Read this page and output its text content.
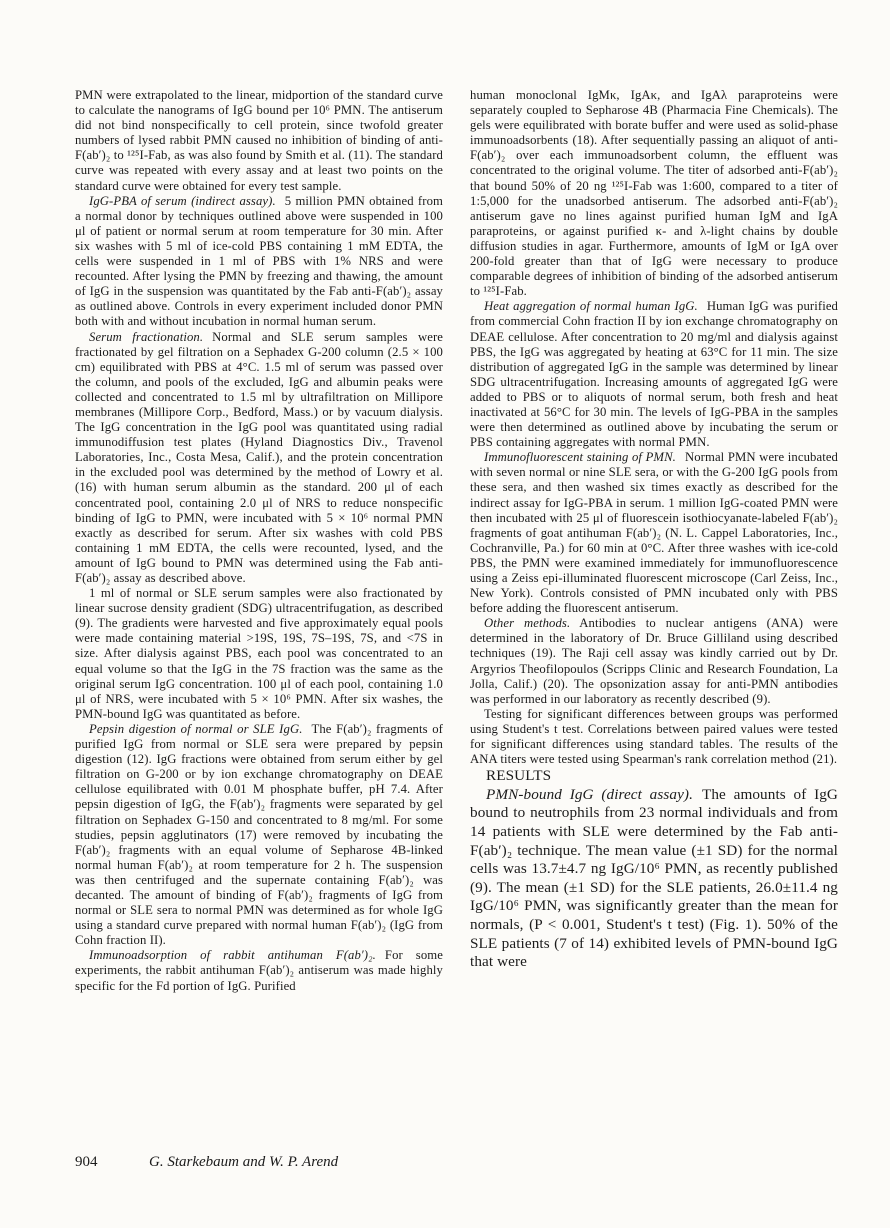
PMN were extrapolated to the linear, midportion of the standard curve to calculate the nanograms of IgG bound per 10⁶ PMN. The antiserum did not bind nonspecifically to cell protein, since twofold greater numbers of lysed rabbit PMN caused no inhibition of binding of anti-F(ab′)₂ to ¹²⁵I-Fab, as was also found by Smith et al. (11). The standard curve was repeated with every assay and at least two points on the standard curve were obtained for every test sample.

IgG-PBA of serum (indirect assay). 5 million PMN obtained from a normal donor by techniques outlined above were suspended in 100 μl of patient or normal serum at room temperature for 30 min. After six washes with 5 ml of ice-cold PBS containing 1 mM EDTA, the cells were suspended in 1 ml of PBS with 1% NRS and were recounted. After lysing the PMN by freezing and thawing, the amount of IgG in the suspension was quantitated by the Fab anti-F(ab′)₂ assay as outlined above. Controls in every experiment included donor PMN both with and without incubation in normal human serum.

Serum fractionation. Normal and SLE serum samples were fractionated by gel filtration on a Sephadex G-200 column (2.5 × 100 cm) equilibrated with PBS at 4°C. 1.5 ml of serum was passed over the column, and pools of the excluded, IgG and albumin peaks were collected and concentrated to 1.5 ml by ultrafiltration on Millipore membranes (Millipore Corp., Bedford, Mass.) or by vacuum dialysis. The IgG concentration in the IgG pool was quantitated using radial immunodiffusion test plates (Hyland Diagnostics Div., Travenol Laboratories, Inc., Costa Mesa, Calif.), and the protein concentration in the excluded pool was determined by the method of Lowry et al. (16) with human serum albumin as the standard. 200 μl of each concentrated pool, containing 2.0 μl of NRS to reduce nonspecific binding of IgG to PMN, were incubated with 5 × 10⁶ normal PMN exactly as described for serum. After six washes with cold PBS containing 1 mM EDTA, the cells were recounted, lysed, and the amount of IgG bound to PMN was determined using the Fab anti-F(ab′)₂ assay as described above.

1 ml of normal or SLE serum samples were also fractionated by linear sucrose density gradient (SDG) ultracentrifugation, as described (9). The gradients were harvested and five approximately equal pools were made containing material >19S, 19S, 7S–19S, 7S, and <7S in size. After dialysis against PBS, each pool was concentrated to an equal volume so that the IgG in the 7S fraction was the same as the original serum IgG concentration. 100 μl of each pool, containing 1.0 μl of NRS, were incubated with 5 × 10⁶ PMN. After six washes, the PMN-bound IgG was quantitated as before.

Pepsin digestion of normal or SLE IgG. The F(ab′)₂ fragments of purified IgG from normal or SLE sera were prepared by pepsin digestion (12). IgG fractions were obtained from serum either by gel filtration on G-200 or by ion exchange chromatography on DEAE cellulose equilibrated with 0.01 M phosphate buffer, pH 7.4. After pepsin digestion of IgG, the F(ab′)₂ fragments were separated by gel filtration on Sephadex G-150 and concentrated to 8 mg/ml. For some studies, pepsin agglutinators (17) were removed by incubating the F(ab′)₂ fragments with an equal volume of Sepharose 4B-linked normal human F(ab′)₂ at room temperature for 2 h. The suspension was then centrifuged and the supernate containing F(ab′)₂ was decanted. The amount of binding of F(ab′)₂ fragments of IgG from normal or SLE sera to normal PMN was determined as for whole IgG using a standard curve prepared with normal human F(ab′)₂ (IgG from Cohn fraction II).

Immunoadsorption of rabbit antihuman F(ab′)₂. For some experiments, the rabbit antihuman F(ab′)₂ antiserum was made highly specific for the Fd portion of IgG. Purified

human monoclonal IgMκ, IgAκ, and IgAλ paraproteins were separately coupled to Sepharose 4B (Pharmacia Fine Chemicals). The gels were equilibrated with borate buffer and were used as solid-phase immunoadsorbents (18). After sequentially passing an aliquot of anti-F(ab′)₂ over each immunoadsorbent column, the effluent was concentrated to the original volume. The titer of adsorbed anti-F(ab′)₂ that bound 50% of 20 ng ¹²⁵I-Fab was 1:600, compared to a titer of 1:5,000 for the unadsorbed antiserum. The adsorbed anti-F(ab′)₂ antiserum gave no lines against purified human IgM and IgA paraproteins, or against purified κ- and λ-light chains by double diffusion studies in agar. Furthermore, amounts of IgM or IgA over 200-fold greater than that of IgG were necessary to produce comparable degrees of inhibition of binding of the adsorbed antiserum to ¹²⁵I-Fab.

Heat aggregation of normal human IgG. Human IgG was purified from commercial Cohn fraction II by ion exchange chromatography on DEAE cellulose. After concentration to 20 mg/ml and dialysis against PBS, the IgG was aggregated by heating at 63°C for 11 min. The size distribution of aggregated IgG in the sample was determined by linear SDG ultracentrifugation. Increasing amounts of aggregated IgG were added to PBS or to aliquots of normal serum, both fresh and heat inactivated at 56°C for 30 min. The levels of IgG-PBA in the samples were then determined as outlined above by incubating the serum or PBS containing aggregates with normal PMN.

Immunofluorescent staining of PMN. Normal PMN were incubated with seven normal or nine SLE sera, or with the G-200 IgG pools from these sera, and then washed six times exactly as described for the indirect assay for IgG-PBA in serum. 1 million IgG-coated PMN were then incubated with 25 μl of fluorescein isothiocyanate-labeled F(ab′)₂ fragments of goat antihuman F(ab′)₂ (N. L. Cappel Laboratories, Inc., Cochranville, Pa.) for 60 min at 0°C. After three washes with ice-cold PBS, the PMN were examined immediately for immunofluorescence using a Zeiss epi-illuminated fluorescent microscope (Carl Zeiss, Inc., New York). Controls consisted of PMN incubated only with PBS before adding the fluorescent antiserum.

Other methods. Antibodies to nuclear antigens (ANA) were determined in the laboratory of Dr. Bruce Gilliland using described techniques (19). The Raji cell assay was kindly carried out by Dr. Argyrios Theofilopoulos (Scripps Clinic and Research Foundation, La Jolla, Calif.) (20). The opsonization assay for anti-PMN antibodies was performed in our laboratory as recently described (9).

Testing for significant differences between groups was performed using Student's t test. Correlations between paired values were tested for significant differences using standard tables. The results of the ANA titers were tested using Spearman's rank correlation method (21).

RESULTS

PMN-bound IgG (direct assay). The amounts of IgG bound to neutrophils from 23 normal individuals and from 14 patients with SLE were determined by the Fab anti-F(ab′)₂ technique. The mean value (±1 SD) for the normal cells was 13.7±4.7 ng IgG/10⁶ PMN, as recently published (9). The mean (±1 SD) for the SLE patients, 26.0±11.4 ng IgG/10⁶ PMN, was significantly greater than the mean for normals, (P < 0.001, Student's t test) (Fig. 1). 50% of the SLE patients (7 of 14) exhibited levels of PMN-bound IgG that were

904	G. Starkebaum and W. P. Arend
